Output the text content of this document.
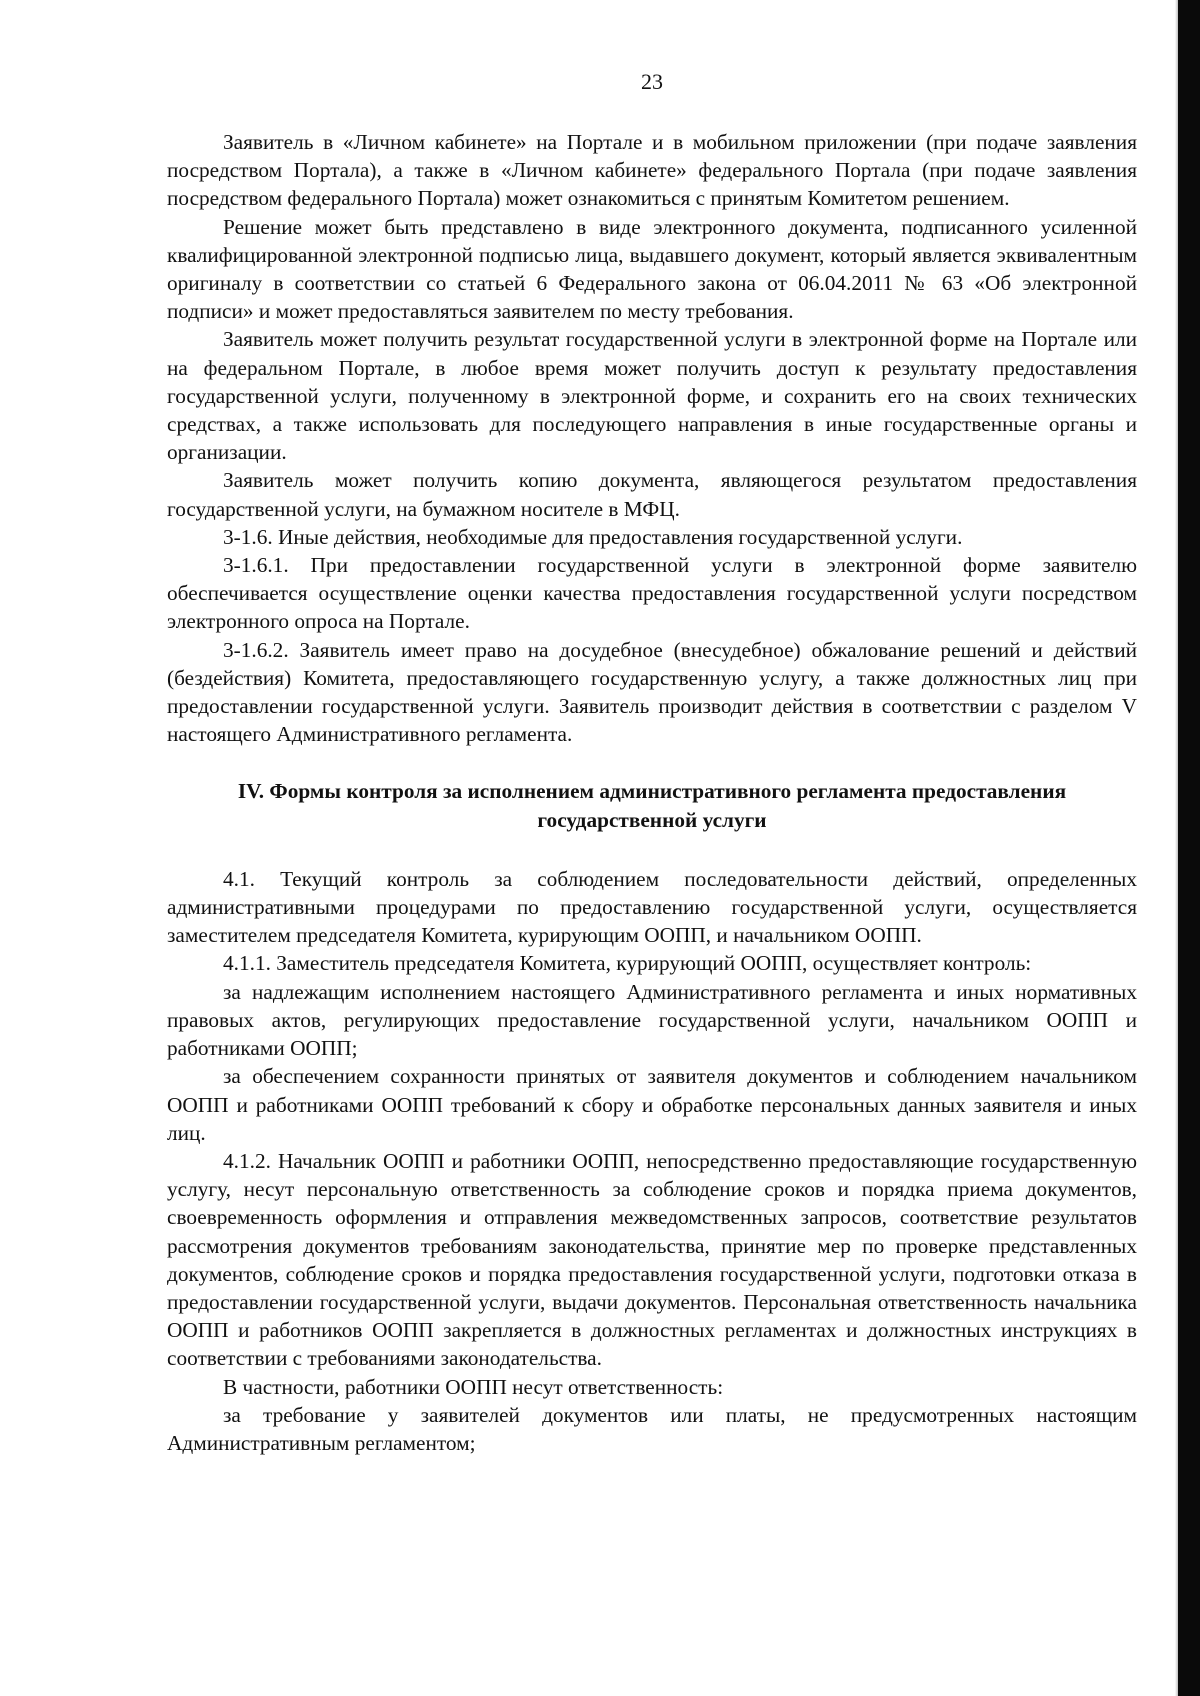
23

Заявитель в «Личном кабинете» на Портале и в мобильном приложении (при подаче заявления посредством Портала), а также в «Личном кабинете» федерального Портала (при подаче заявления посредством федерального Портала) может ознакомиться с принятым Комитетом решением.

Решение может быть представлено в виде электронного документа, подписанного усиленной квалифицированной электронной подписью лица, выдавшего документ, который является эквивалентным оригиналу в соответствии со статьей 6 Федерального закона от 06.04.2011 № 63 «Об электронной подписи» и может предоставляться заявителем по месту требования.

Заявитель может получить результат государственной услуги в электронной форме на Портале или на федеральном Портале, в любое время может получить доступ к результату предоставления государственной услуги, полученному в электронной форме, и сохранить его на своих технических средствах, а также использовать для последующего направления в иные государственные органы и организации.

Заявитель может получить копию документа, являющегося результатом предоставления государственной услуги, на бумажном носителе в МФЦ.

3-1.6. Иные действия, необходимые для предоставления государственной услуги.

3-1.6.1. При предоставлении государственной услуги в электронной форме заявителю обеспечивается осуществление оценки качества предоставления государственной услуги посредством электронного опроса на Портале.

3-1.6.2. Заявитель имеет право на досудебное (внесудебное) обжалование решений и действий (бездействия) Комитета, предоставляющего государственную услугу, а также должностных лиц при предоставлении государственной услуги. Заявитель производит действия в соответствии с разделом V настоящего Административного регламента.

IV. Формы контроля за исполнением административного регламента предоставления
государственной услуги

4.1. Текущий контроль за соблюдением последовательности действий, определенных административными процедурами по предоставлению государственной услуги, осуществляется заместителем председателя Комитета, курирующим ООПП, и начальником ООПП.

4.1.1. Заместитель председателя Комитета, курирующий ООПП, осуществляет контроль:

за надлежащим исполнением настоящего Административного регламента и иных нормативных правовых актов, регулирующих предоставление государственной услуги, начальником ООПП и работниками ООПП;

за обеспечением сохранности принятых от заявителя документов и соблюдением начальником ООПП и работниками ООПП требований к сбору и обработке персональных данных заявителя и иных лиц.

4.1.2. Начальник ООПП и работники ООПП, непосредственно предоставляющие государственную услугу, несут персональную ответственность за соблюдение сроков и порядка приема документов, своевременность оформления и отправления межведомственных запросов, соответствие результатов рассмотрения документов требованиям законодательства, принятие мер по проверке представленных документов, соблюдение сроков и порядка предоставления государственной услуги, подготовки отказа в предоставлении государственной услуги, выдачи документов. Персональная ответственность начальника ООПП и работников ООПП закрепляется в должностных регламентах и должностных инструкциях в соответствии с требованиями законодательства.

В частности, работники ООПП несут ответственность:

за требование у заявителей документов или платы, не предусмотренных настоящим Административным регламентом;
